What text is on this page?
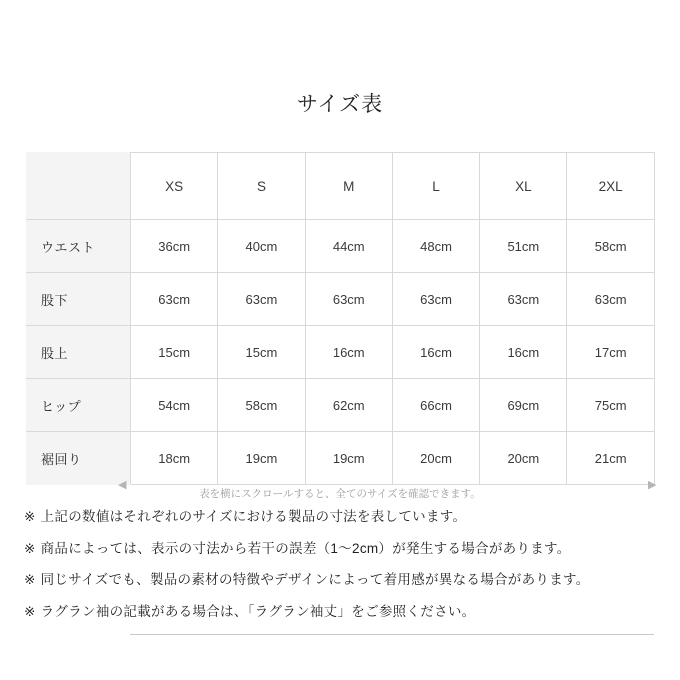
サイズ表
	XS	S	M	L	XL	2XL
ウエスト	36cm	40cm	44cm	48cm	51cm	58cm
股下	63cm	63cm	63cm	63cm	63cm	63cm
股上	15cm	15cm	16cm	16cm	16cm	17cm
ヒップ	54cm	58cm	62cm	66cm	69cm	75cm
裾回り	18cm	19cm	19cm	20cm	20cm	21cm
◀	▶
表を横にスクロールすると、全てのサイズを確認できます。
※ 上記の数値はそれぞれのサイズにおける製品の寸法を表しています。
※ 商品によっては、表示の寸法から若干の誤差（1〜2cm）が発生する場合があります。
※ 同じサイズでも、製品の素材の特徴やデザインによって着用感が異なる場合があります。
※ ラグラン袖の記載がある場合は、「ラグラン袖丈」をご参照ください。
